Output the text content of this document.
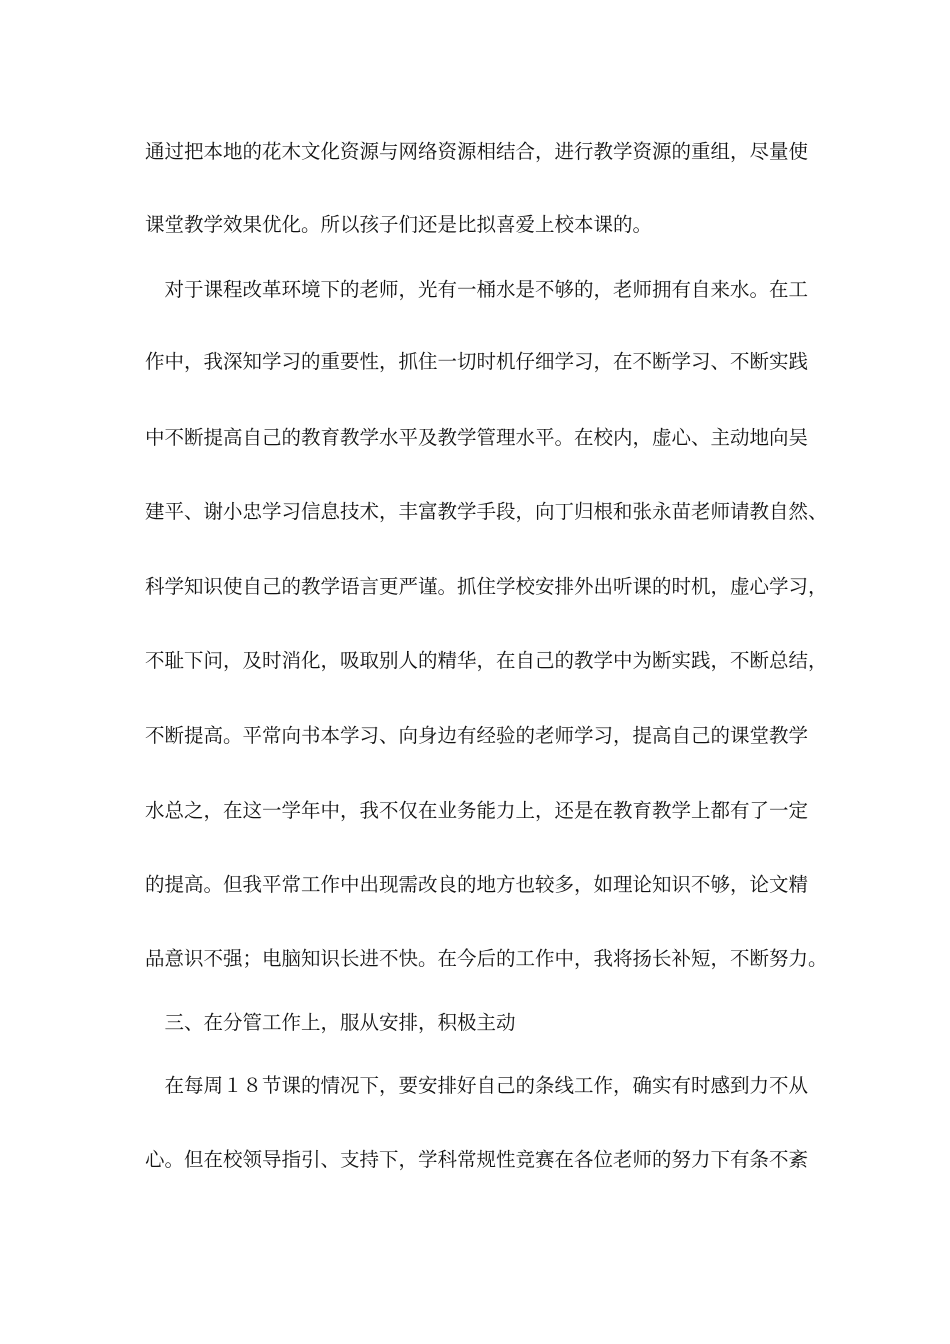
通过把本地的花木文化资源与网络资源相结合，进行教学资源的重组，尽量使
课堂教学效果优化。所以孩子们还是比拟喜爱上校本课的。
　对于课程改革环境下的老师，光有一桶水是不够的，老师拥有自来水。在工
作中，我深知学习的重要性，抓住一切时机仔细学习，在不断学习、不断实践
中不断提高自己的教育教学水平及教学管理水平。在校内，虚心、主动地向吴
建平、谢小忠学习信息技术，丰富教学手段，向丁归根和张永苗老师请教自然、
科学知识使自己的教学语言更严谨。抓住学校安排外出听课的时机，虚心学习，
不耻下问，及时消化，吸取别人的精华，在自己的教学中为断实践，不断总结，
不断提高。平常向书本学习、向身边有经验的老师学习，提高自己的课堂教学
水总之，在这一学年中，我不仅在业务能力上，还是在教育教学上都有了一定
的提高。但我平常工作中出现需改良的地方也较多，如理论知识不够，论文精
品意识不强；电脑知识长进不快。在今后的工作中，我将扬长补短，不断努力。
　三、在分管工作上，服从安排，积极主动
　在每周１８节课的情况下，要安排好自己的条线工作，确实有时感到力不从
心。但在校领导指引、支持下，学科常规性竞赛在各位老师的努力下有条不紊
